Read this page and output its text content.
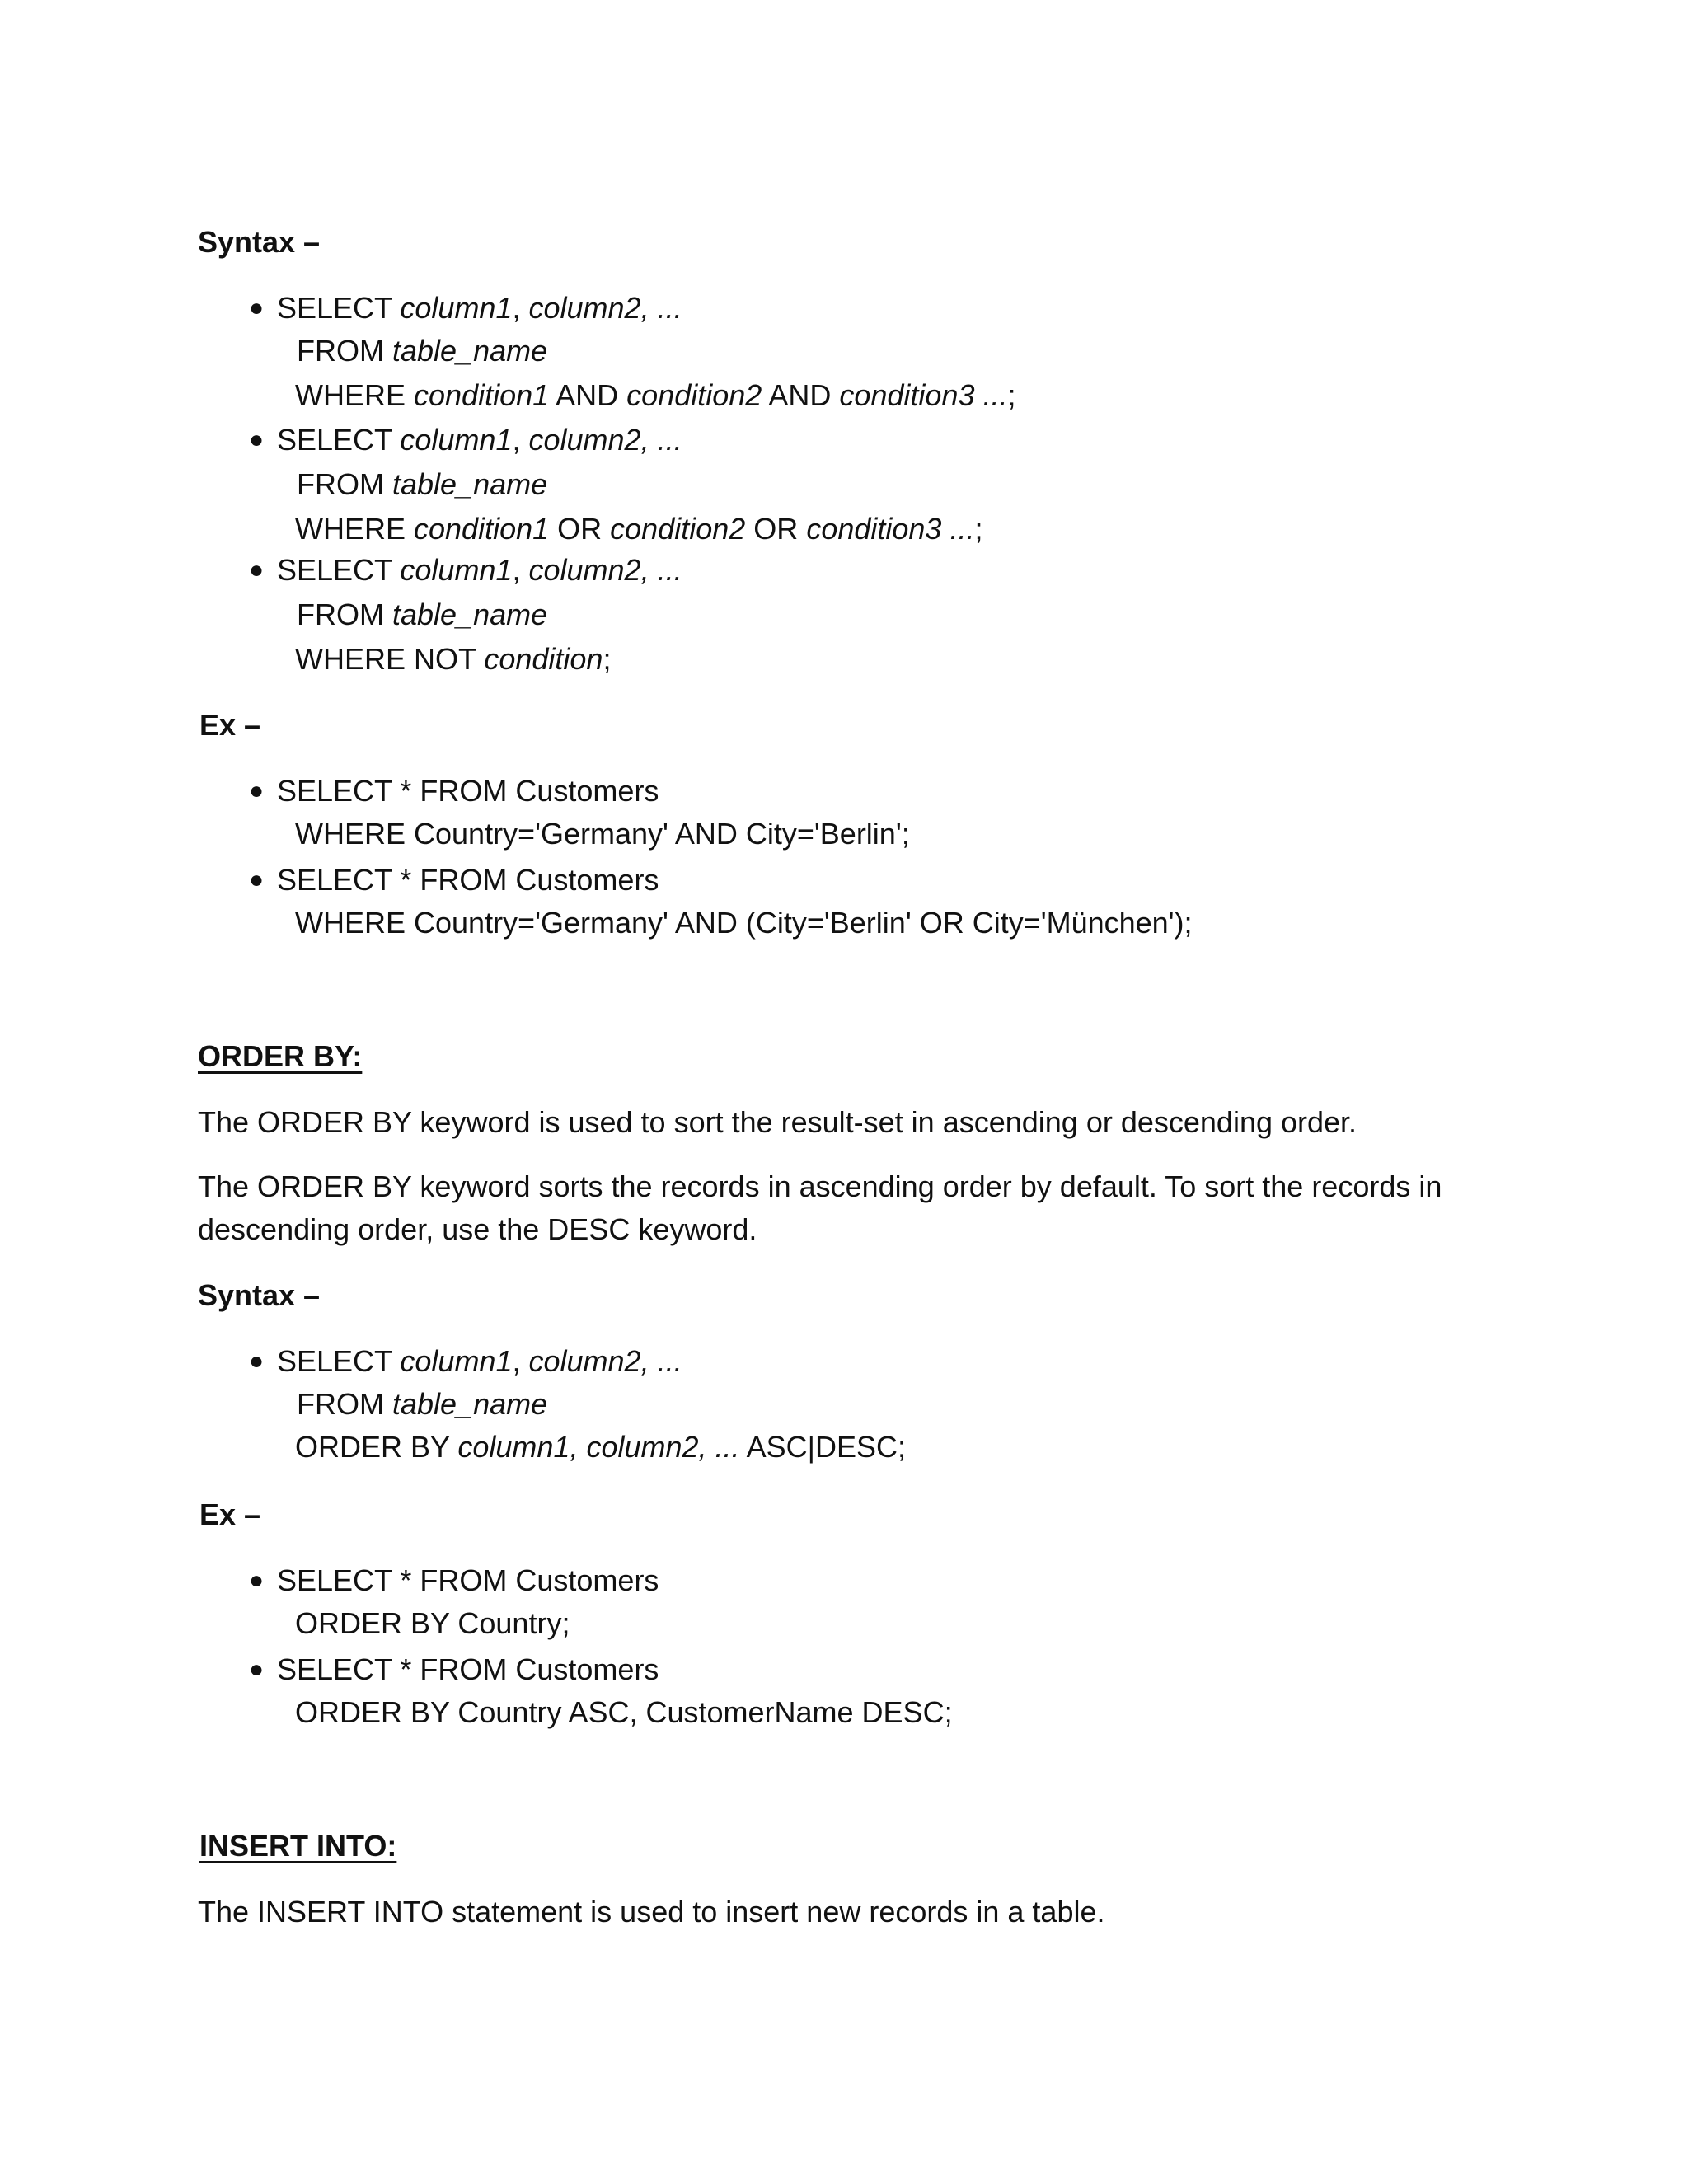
Syntax –
● SELECT column1, column2, ...
FROM table_name
WHERE condition1 AND condition2 AND condition3 ...;
● SELECT column1, column2, ...
FROM table_name
WHERE condition1 OR condition2 OR condition3 ...;
● SELECT column1, column2, ...
FROM table_name
WHERE NOT condition;
Ex –
● SELECT * FROM Customers
WHERE Country='Germany' AND City='Berlin';
● SELECT * FROM Customers
WHERE Country='Germany' AND (City='Berlin' OR City='München');
ORDER BY:
The ORDER BY keyword is used to sort the result-set in ascending or descending order.
The ORDER BY keyword sorts the records in ascending order by default. To sort the records in
descending order, use the DESC keyword.
Syntax –
● SELECT column1, column2, ...
FROM table_name
ORDER BY column1, column2, ... ASC|DESC;
Ex –
● SELECT * FROM Customers
ORDER BY Country;
● SELECT * FROM Customers
ORDER BY Country ASC, CustomerName DESC;
INSERT INTO:
The INSERT INTO statement is used to insert new records in a table.
